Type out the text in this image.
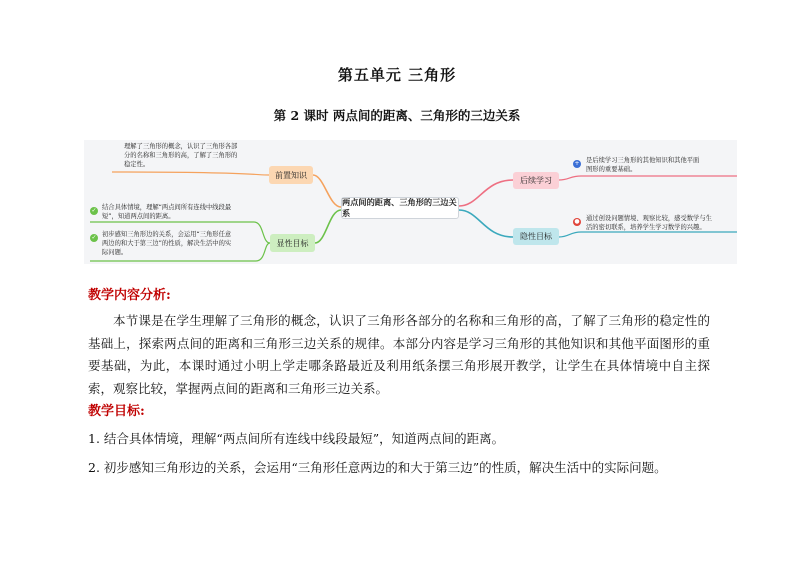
第五单元 三角形
第 2 课时 两点间的距离、三角形的三边关系
两点间的距离、三角形的三边关系
前置知识
显性目标
后续学习
隐性目标
理解了三角形的概念，认识了三角形各部
分的名称和三角形的高，了解了三角形的
稳定性。
✓ 结合具体情境，理解“两点间所有连线中线段最
短”，知道两点间的距离。
✓ 初步感知三角形边的关系，会运用“三角形任意
两边的和大于第三边”的性质，解决生活中的实
际问题。
+ 是后续学习三角形的其他知识和其他平面
图形的重要基础。
● 通过创设问题情境、观察比较，感受数学与生
活的密切联系，培养学生学习数学的兴趣。
教学内容分析:

本节课是在学生理解了三角形的概念，认识了三角形各部分的名称和三角形的高，了解了三角形的稳定性的基础上，探索两点间的距离和三角形三边关系的规律。本部分内容是学习三角形的其他知识和其他平面图形的重要基础，为此，本课时通过小明上学走哪条路最近及利用纸条摆三角形展开教学，让学生在具体情境中自主探索，观察比较，掌握两点间的距离和三角形三边关系。

教学目标:

1. 结合具体情境，理解“两点间所有连线中线段最短”，知道两点间的距离。

2. 初步感知三角形边的关系，会运用“三角形任意两边的和大于第三边”的性质，解决生活中的实际问题。
